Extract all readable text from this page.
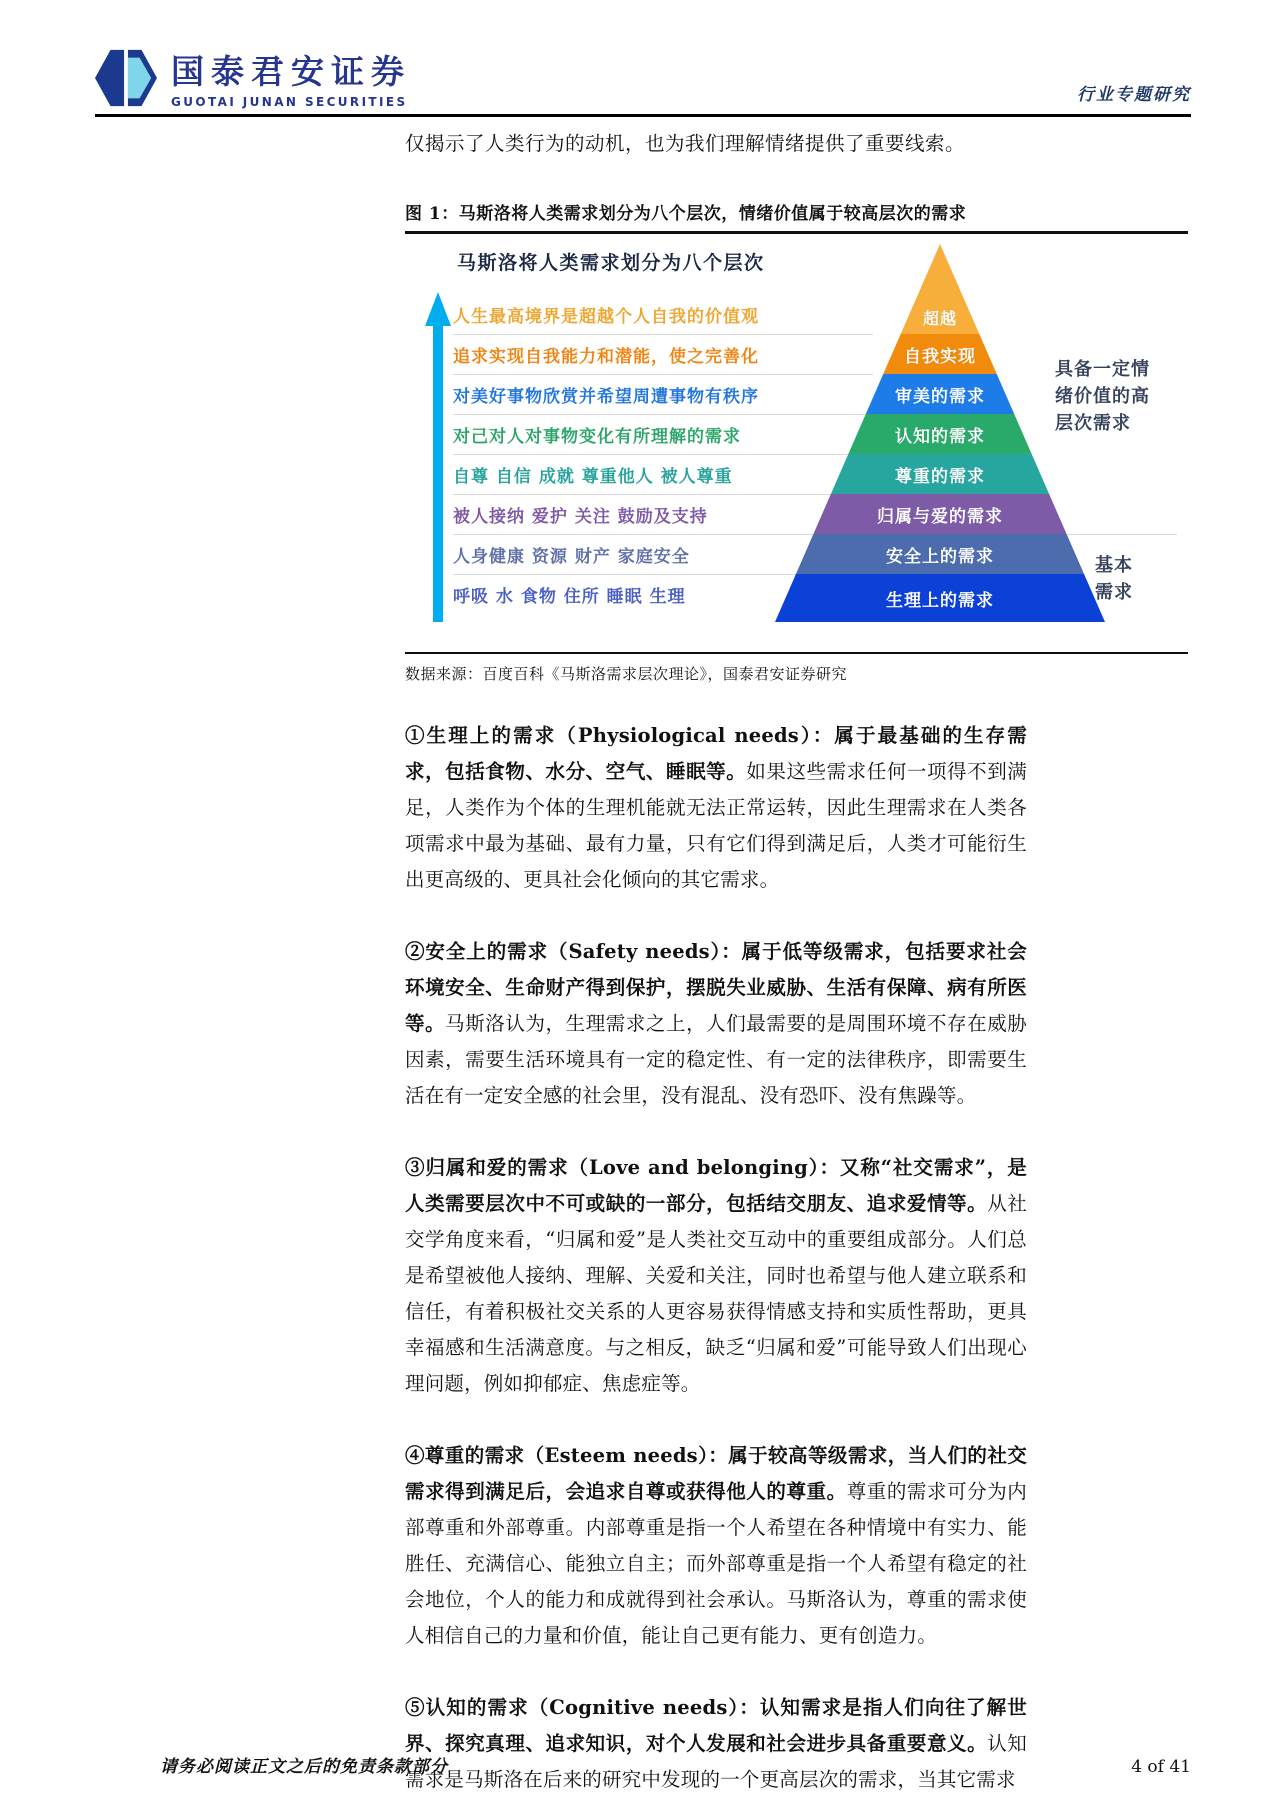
国泰君安证券
GUOTAI JUNAN SECURITIES	行业专题研究

仅揭示了人类行为的动机，也为我们理解情绪提供了重要线索。

图 1：马斯洛将人类需求划分为八个层次，情绪价值属于较高层次的需求
马斯洛将人类需求划分为八个层次
人生最高境界是超越个人自我的价值观
追求实现自我能力和潜能，使之完善化
对美好事物欣赏并希望周遭事物有秩序
对己对人对事物变化有所理解的需求
自尊 自信 成就 尊重他人 被人尊重
被人接纳 爱护 关注 鼓励及支持
人身健康 资源 财产 家庭安全
呼吸 水 食物 住所 睡眠 生理
超越
自我实现
审美的需求
认知的需求
尊重的需求
归属与爱的需求
安全上的需求
生理上的需求
具备一定情绪价值的高层次需求
基本需求
数据来源：百度百科《马斯洛需求层次理论》，国泰君安证券研究

①生理上的需求（Physiological needs）：属于最基础的生存需求，包括食物、水分、空气、睡眠等。如果这些需求任何一项得不到满足，人类作为个体的生理机能就无法正常运转，因此生理需求在人类各项需求中最为基础、最有力量，只有它们得到满足后，人类才可能衍生出更高级的、更具社会化倾向的其它需求。

②安全上的需求（Safety needs）：属于低等级需求，包括要求社会环境安全、生命财产得到保护，摆脱失业威胁、生活有保障、病有所医等。马斯洛认为，生理需求之上，人们最需要的是周围环境不存在威胁因素，需要生活环境具有一定的稳定性、有一定的法律秩序，即需要生活在有一定安全感的社会里，没有混乱、没有恐吓、没有焦躁等。

③归属和爱的需求（Love and belonging）：又称“社交需求”，是人类需要层次中不可或缺的一部分，包括结交朋友、追求爱情等。从社交学角度来看，“归属和爱”是人类社交互动中的重要组成部分。人们总是希望被他人接纳、理解、关爱和关注，同时也希望与他人建立联系和信任，有着积极社交关系的人更容易获得情感支持和实质性帮助，更具幸福感和生活满意度。与之相反，缺乏“归属和爱”可能导致人们出现心理问题，例如抑郁症、焦虑症等。

④尊重的需求（Esteem needs）：属于较高等级需求，当人们的社交需求得到满足后，会追求自尊或获得他人的尊重。尊重的需求可分为内部尊重和外部尊重。内部尊重是指一个人希望在各种情境中有实力、能胜任、充满信心、能独立自主；而外部尊重是指一个人希望有稳定的社会地位，个人的能力和成就得到社会承认。马斯洛认为，尊重的需求使人相信自己的力量和价值，能让自己更有能力、更有创造力。

⑤认知的需求（Cognitive needs）：认知需求是指人们向往了解世界、探究真理、追求知识，对个人发展和社会进步具备重要意义。认知需求是马斯洛在后来的研究中发现的一个更高层次的需求，当其它需求

请务必阅读正文之后的免责条款部分	4 of 41
